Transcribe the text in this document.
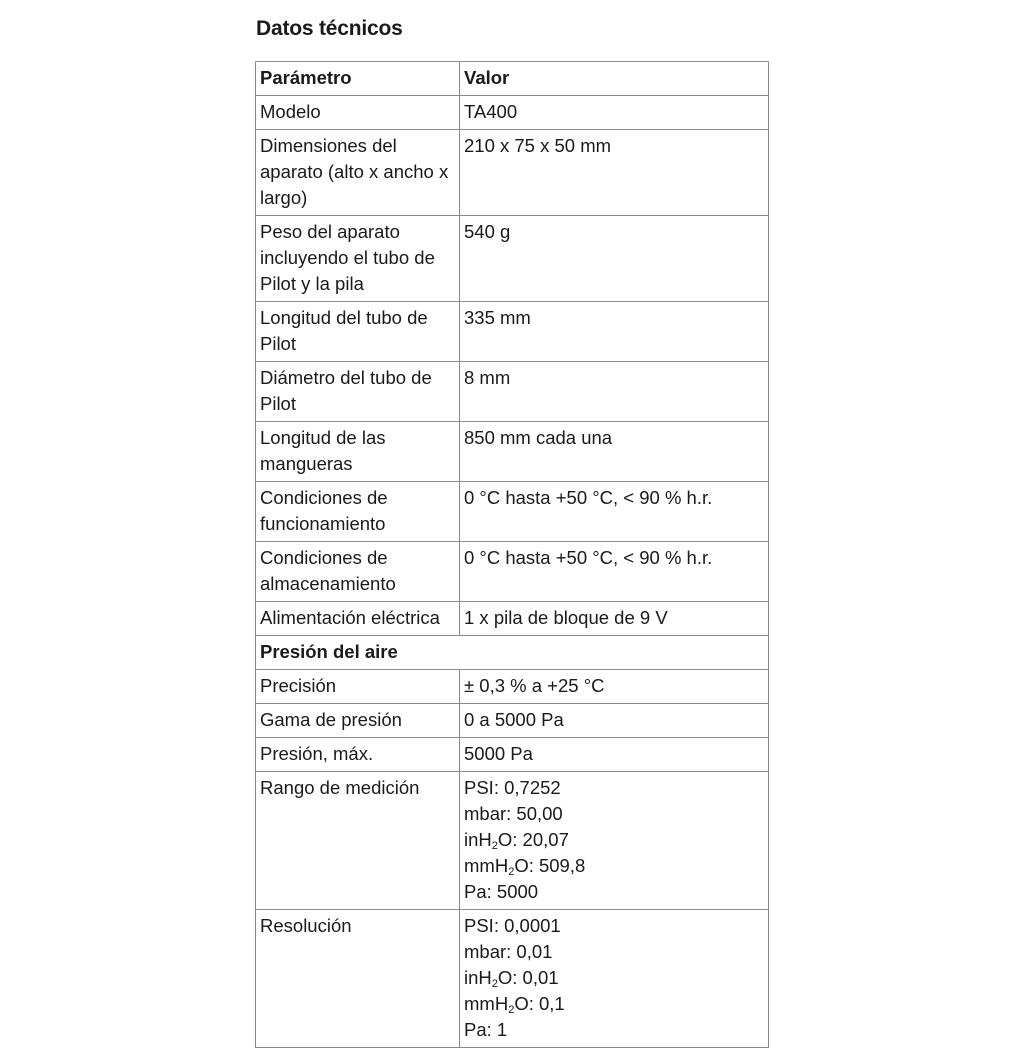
Datos técnicos
Parámetro	Valor
Modelo	TA400
Dimensiones del aparato (alto x ancho x largo)	210 x 75 x 50 mm
Peso del aparato incluyendo el tubo de Pilot y la pila	540 g
Longitud del tubo de Pilot	335 mm
Diámetro del tubo de Pilot	8 mm
Longitud de las mangueras	850 mm cada una
Condiciones de funcionamiento	0 °C hasta +50 °C, < 90 % h.r.
Condiciones de almacenamiento	0 °C hasta +50 °C, < 90 % h.r.
Alimentación eléctrica	1 x pila de bloque de 9 V
Presión del aire	
Precisión	± 0,3 % a +25 °C
Gama de presión	0 a 5000 Pa
Presión, máx.	5000 Pa
Rango de medición	PSI: 0,7252
mbar: 50,00
inH$_2$O: 20,07
mmH$_2$O: 509,8
Pa: 5000

Resolución	PSI: 0,0001
mbar: 0,01
inH$_2$O: 0,01
mmH$_2$O: 0,1
Pa: 1
